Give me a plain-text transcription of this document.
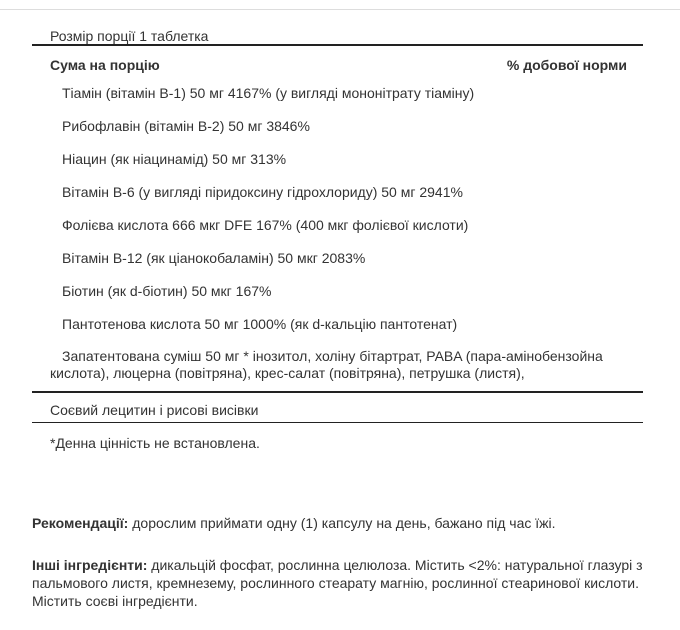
Розмір порції 1 таблетка
Сума на порцію	% добової норми
Тіамін (вітамін B-1) 50 мг 4167% (у вигляді мононітрату тіаміну)
Рибофлавін (вітамін B-2) 50 мг 3846%
Ніацин (як ніацинамід) 50 мг 313%
Вітамін B-6 (у вигляді піридоксину гідрохлориду) 50 мг 2941%
Фолієва кислота 666 мкг DFE 167% (400 мкг фолієвої кислоти)
Вітамін B-12 (як ціанокобаламін) 50 мкг 2083%
Біотин (як d-біотин) 50 мкг 167%
Пантотенова кислота 50 мг 1000% (як d-кальцію пантотенат)
Запатентована суміш 50 мг * інозитол, холіну бітартрат, PABA (пара-амінобензойна кислота), люцерна (повітряна), крес-салат (повітряна), петрушка (листя),
Соєвий лецитин і рисові висівки
*Денна цінність не встановлена.
Рекомендації: дорослим приймати одну (1) капсулу на день, бажано під час їжі.
Інші інгредієнти: дикальцій фосфат, рослинна целюлоза. Містить <2%: натуральної глазурі з пальмового листя, кремнезему, рослинного стеарату магнію, рослинної стеаринової кислоти. Містить соєві інгредієнти.
